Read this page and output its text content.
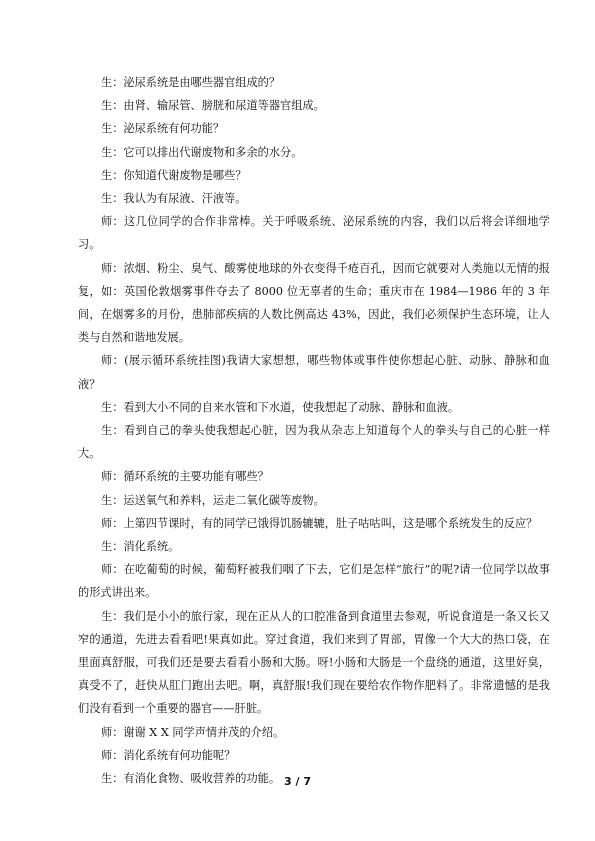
生：泌尿系统是由哪些器官组成的？

生：由肾、输尿管、膀胱和尿道等器官组成。

生：泌尿系统有何功能？

生：它可以排出代谢废物和多余的水分。

生：你知道代谢废物是哪些？

生：我认为有尿液、汗液等。

师：这几位同学的合作非常棒。关于呼吸系统、泌尿系统的内容，我们以后将会详细地学习。

师：浓烟、粉尘、臭气、酸雾使地球的外衣变得千疮百孔，因而它就要对人类施以无情的报复，如：英国伦敦烟雾事件夺去了 8000 位无辜者的生命；重庆市在 1984—1986 年的 3 年间，在烟雾多的月份，患肺部疾病的人数比例高达 43%，因此，我们必须保护生态环境，让人类与自然和谐地发展。

师：(展示循环系统挂图)我请大家想想，哪些物体或事件使你想起心脏、动脉、静脉和血液？

生：看到大小不同的自来水管和下水道，使我想起了动脉、静脉和血液。

生：看到自己的拳头使我想起心脏，因为我从杂志上知道每个人的拳头与自己的心脏一样大。

师：循环系统的主要功能有哪些？

生：运送氧气和养料，运走二氧化碳等废物。

师：上第四节课时，有的同学已饿得饥肠辘辘，肚子咕咕叫，这是哪个系统发生的反应？

生：消化系统。

师：在吃葡萄的时候，葡萄籽被我们咽了下去，它们是怎样“旅行”的呢?请一位同学以故事的形式讲出来。

生：我们是小小的旅行家，现在正从人的口腔准备到食道里去参观，听说食道是一条又长又窄的通道，先进去看看吧!果真如此。穿过食道，我们来到了胃部，胃像一个大大的热口袋，在里面真舒服，可我们还是要去看看小肠和大肠。呀!小肠和大肠是一个盘绕的通道，这里好臭，真受不了，赶快从肛门跑出去吧。啊，真舒服!我们现在要给农作物作肥料了。非常遗憾的是我们没有看到一个重要的器官——肝脏。

师：谢谢 X X 同学声情并茂的介绍。

师：消化系统有何功能呢？

生：有消化食物、吸收营养的功能。 3 / 7
